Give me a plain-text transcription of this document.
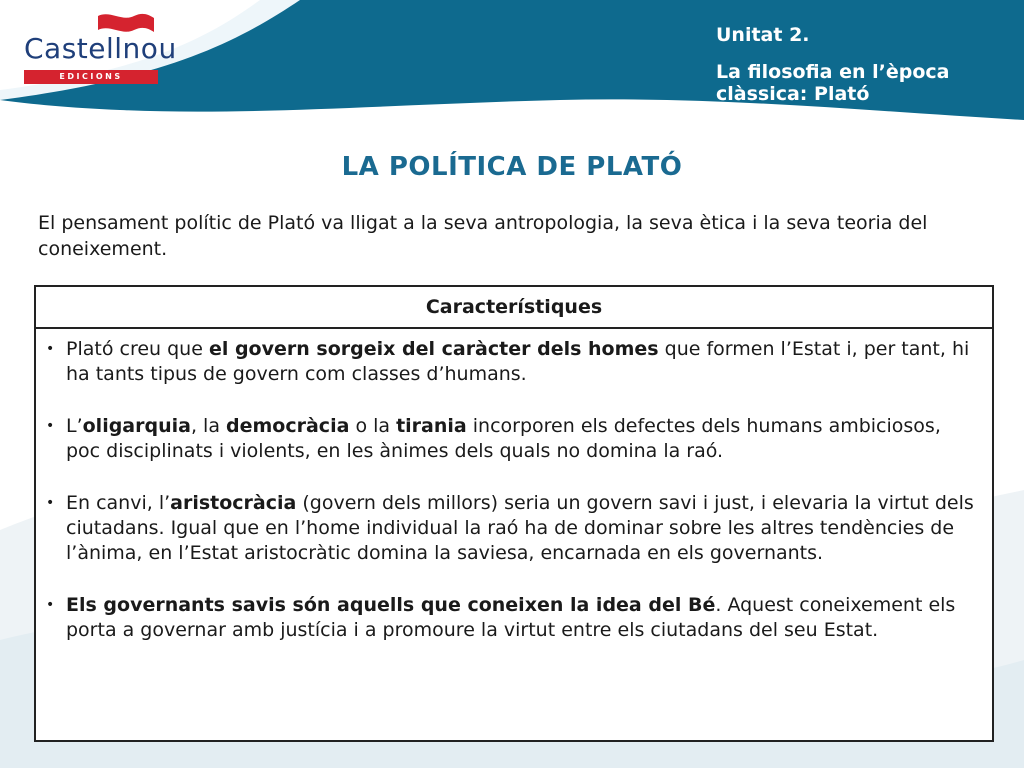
Castellnou
EDICIONS
Unitat 2.
La filosofia en l’època clàssica: Plató
LA POLÍTICA DE PLATÓ
El pensament polític de Plató va lligat a la seva antropologia, la seva ètica i la seva teoria del coneixement.
Característiques
• Plató creu que el govern sorgeix del caràcter dels homes que formen l’Estat i, per tant, hi ha tants tipus de govern com classes d’humans.
• L’oligarquia, la democràcia o la tirania incorporen els defectes dels humans ambiciosos, poc disciplinats i violents, en les ànimes dels quals no domina la raó.
• En canvi, l’aristocràcia (govern dels millors) seria un govern savi i just, i elevaria la virtut dels ciutadans. Igual que en l’home individual la raó ha de dominar sobre les altres tendències de l’ànima, en l’Estat aristocràtic domina la saviesa, encarnada en els governants.
• Els governants savis són aquells que coneixen la idea del Bé. Aquest coneixement els porta a governar amb justícia i a promoure la virtut entre els ciutadans del seu Estat.
